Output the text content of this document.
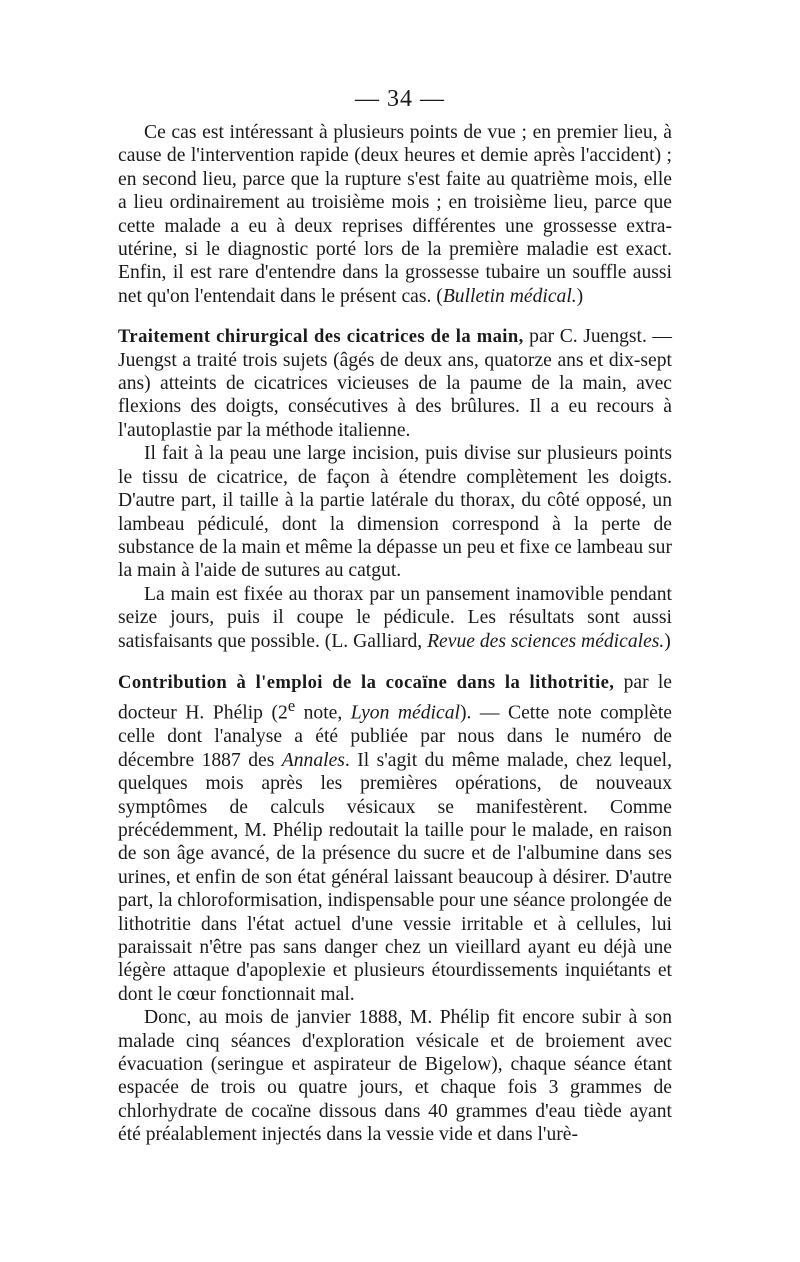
— 34 —

Ce cas est intéressant à plusieurs points de vue ; en premier lieu, à cause de l'intervention rapide (deux heures et demie après l'accident) ; en second lieu, parce que la rupture s'est faite au quatrième mois, elle a lieu ordinairement au troisième mois ; en troisième lieu, parce que cette malade a eu à deux reprises différentes une grossesse extra-utérine, si le diagnostic porté lors de la première maladie est exact. Enfin, il est rare d'entendre dans la grossesse tubaire un souffle aussi net qu'on l'entendait dans le présent cas. (Bulletin médical.)

Traitement chirurgical des cicatrices de la main, par C. Juengst. — Juengst a traité trois sujets (âgés de deux ans, quatorze ans et dix-sept ans) atteints de cicatrices vicieuses de la paume de la main, avec flexions des doigts, consécutives à des brûlures. Il a eu recours à l'autoplastie par la méthode italienne.

Il fait à la peau une large incision, puis divise sur plusieurs points le tissu de cicatrice, de façon à étendre complètement les doigts. D'autre part, il taille à la partie latérale du thorax, du côté opposé, un lambeau pédiculé, dont la dimension correspond à la perte de substance de la main et même la dépasse un peu et fixe ce lambeau sur la main à l'aide de sutures au catgut.

La main est fixée au thorax par un pansement inamovible pendant seize jours, puis il coupe le pédicule. Les résultats sont aussi satisfaisants que possible. (L. Galliard, Revue des sciences médicales.)

Contribution à l'emploi de la cocaïne dans la lithotritie, par le docteur H. Phélip (2e note, Lyon médical). — Cette note complète celle dont l'analyse a été publiée par nous dans le numéro de décembre 1887 des Annales. Il s'agit du même malade, chez lequel, quelques mois après les premières opérations, de nouveaux symptômes de calculs vésicaux se manifestèrent. Comme précédemment, M. Phélip redoutait la taille pour le malade, en raison de son âge avancé, de la présence du sucre et de l'albumine dans ses urines, et enfin de son état général laissant beaucoup à désirer. D'autre part, la chloroformisation, indispensable pour une séance prolongée de lithotritie dans l'état actuel d'une vessie irritable et à cellules, lui paraissait n'être pas sans danger chez un vieillard ayant eu déjà une légère attaque d'apoplexie et plusieurs étourdissements inquiétants et dont le cœur fonctionnait mal.

Donc, au mois de janvier 1888, M. Phélip fit encore subir à son malade cinq séances d'exploration vésicale et de broiement avec évacuation (seringue et aspirateur de Bigelow), chaque séance étant espacée de trois ou quatre jours, et chaque fois 3 grammes de chlorhydrate de cocaïne dissous dans 40 grammes d'eau tiède ayant été préalablement injectés dans la vessie vide et dans l'urè-
